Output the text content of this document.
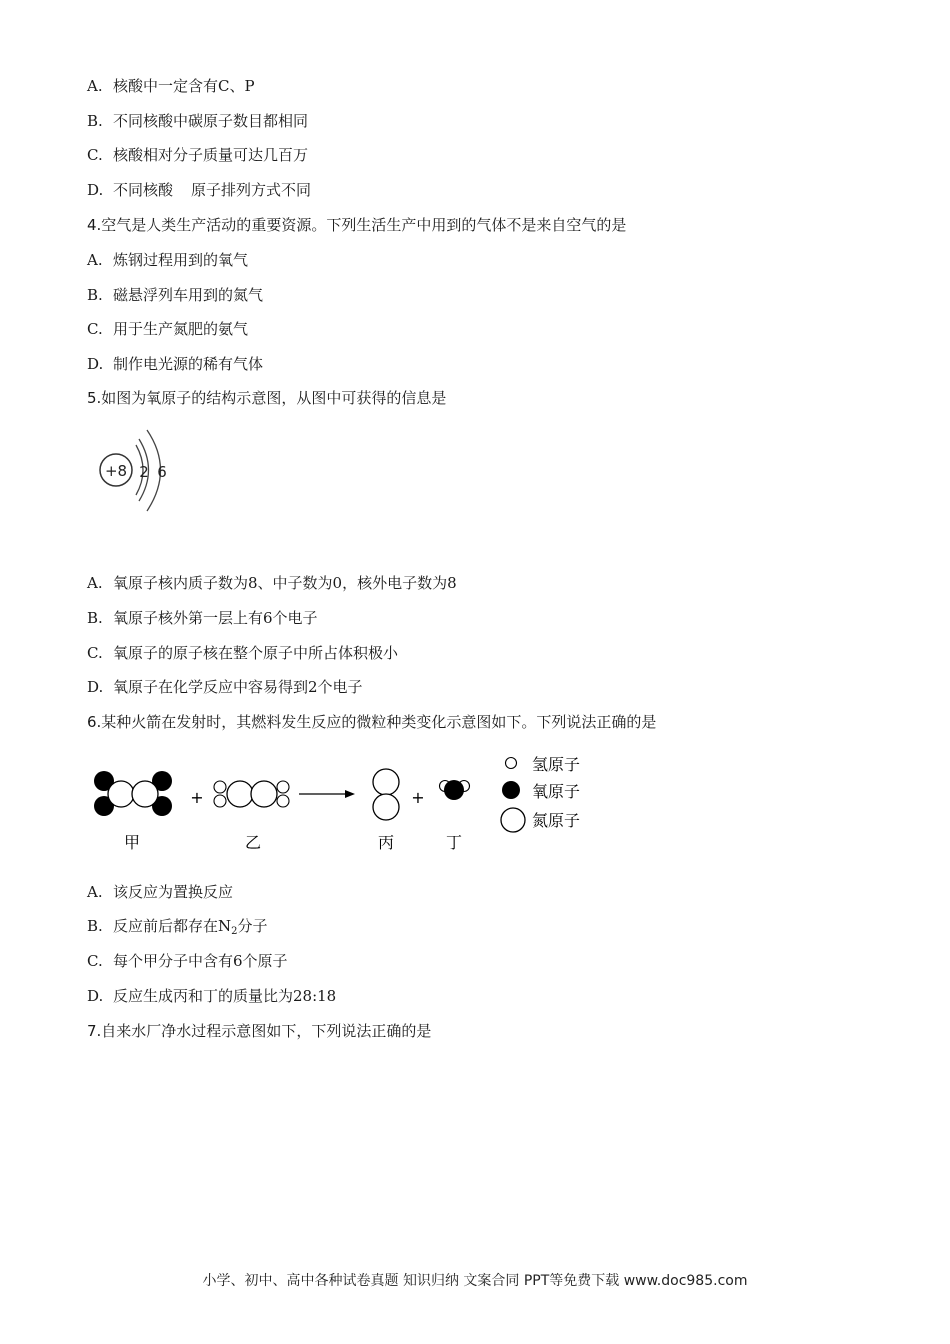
A. 核酸中一定含有C、P
B. 不同核酸中碳原子数目都相同
C. 核酸相对分子质量可达几百万
D. 不同核酸 原子排列方式不同
4.空气是人类生产活动的重要资源。下列生活生产中用到的气体不是来自空气的是
A. 炼钢过程用到的氧气
B. 磁悬浮列车用到的氮气
C. 用于生产氮肥的氨气
D. 制作电光源的稀有气体
5.如图为氧原子的结构示意图，从图中可获得的信息是
+8 2 6
A. 氧原子核内质子数为8、中子数为0，核外电子数为8
B. 氧原子核外第一层上有6个电子
C. 氧原子的原子核在整个原子中所占体积极小
D. 氧原子在化学反应中容易得到2个电子
6.某种火箭在发射时，其燃料发生反应的微粒种类变化示意图如下。下列说法正确的是
+	+
甲	乙	丙	丁
氢原子
氧原子
氮原子
A. 该反应为置换反应
B. 反应前后都存在$N_2$分子
C. 每个甲分子中含有6个原子
D. 反应生成丙和丁的质量比为28:18
7.自来水厂净水过程示意图如下，下列说法正确的是
小学、初中、高中各种试卷真题 知识归纳 文案合同 PPT等免费下载 www.doc985.com
